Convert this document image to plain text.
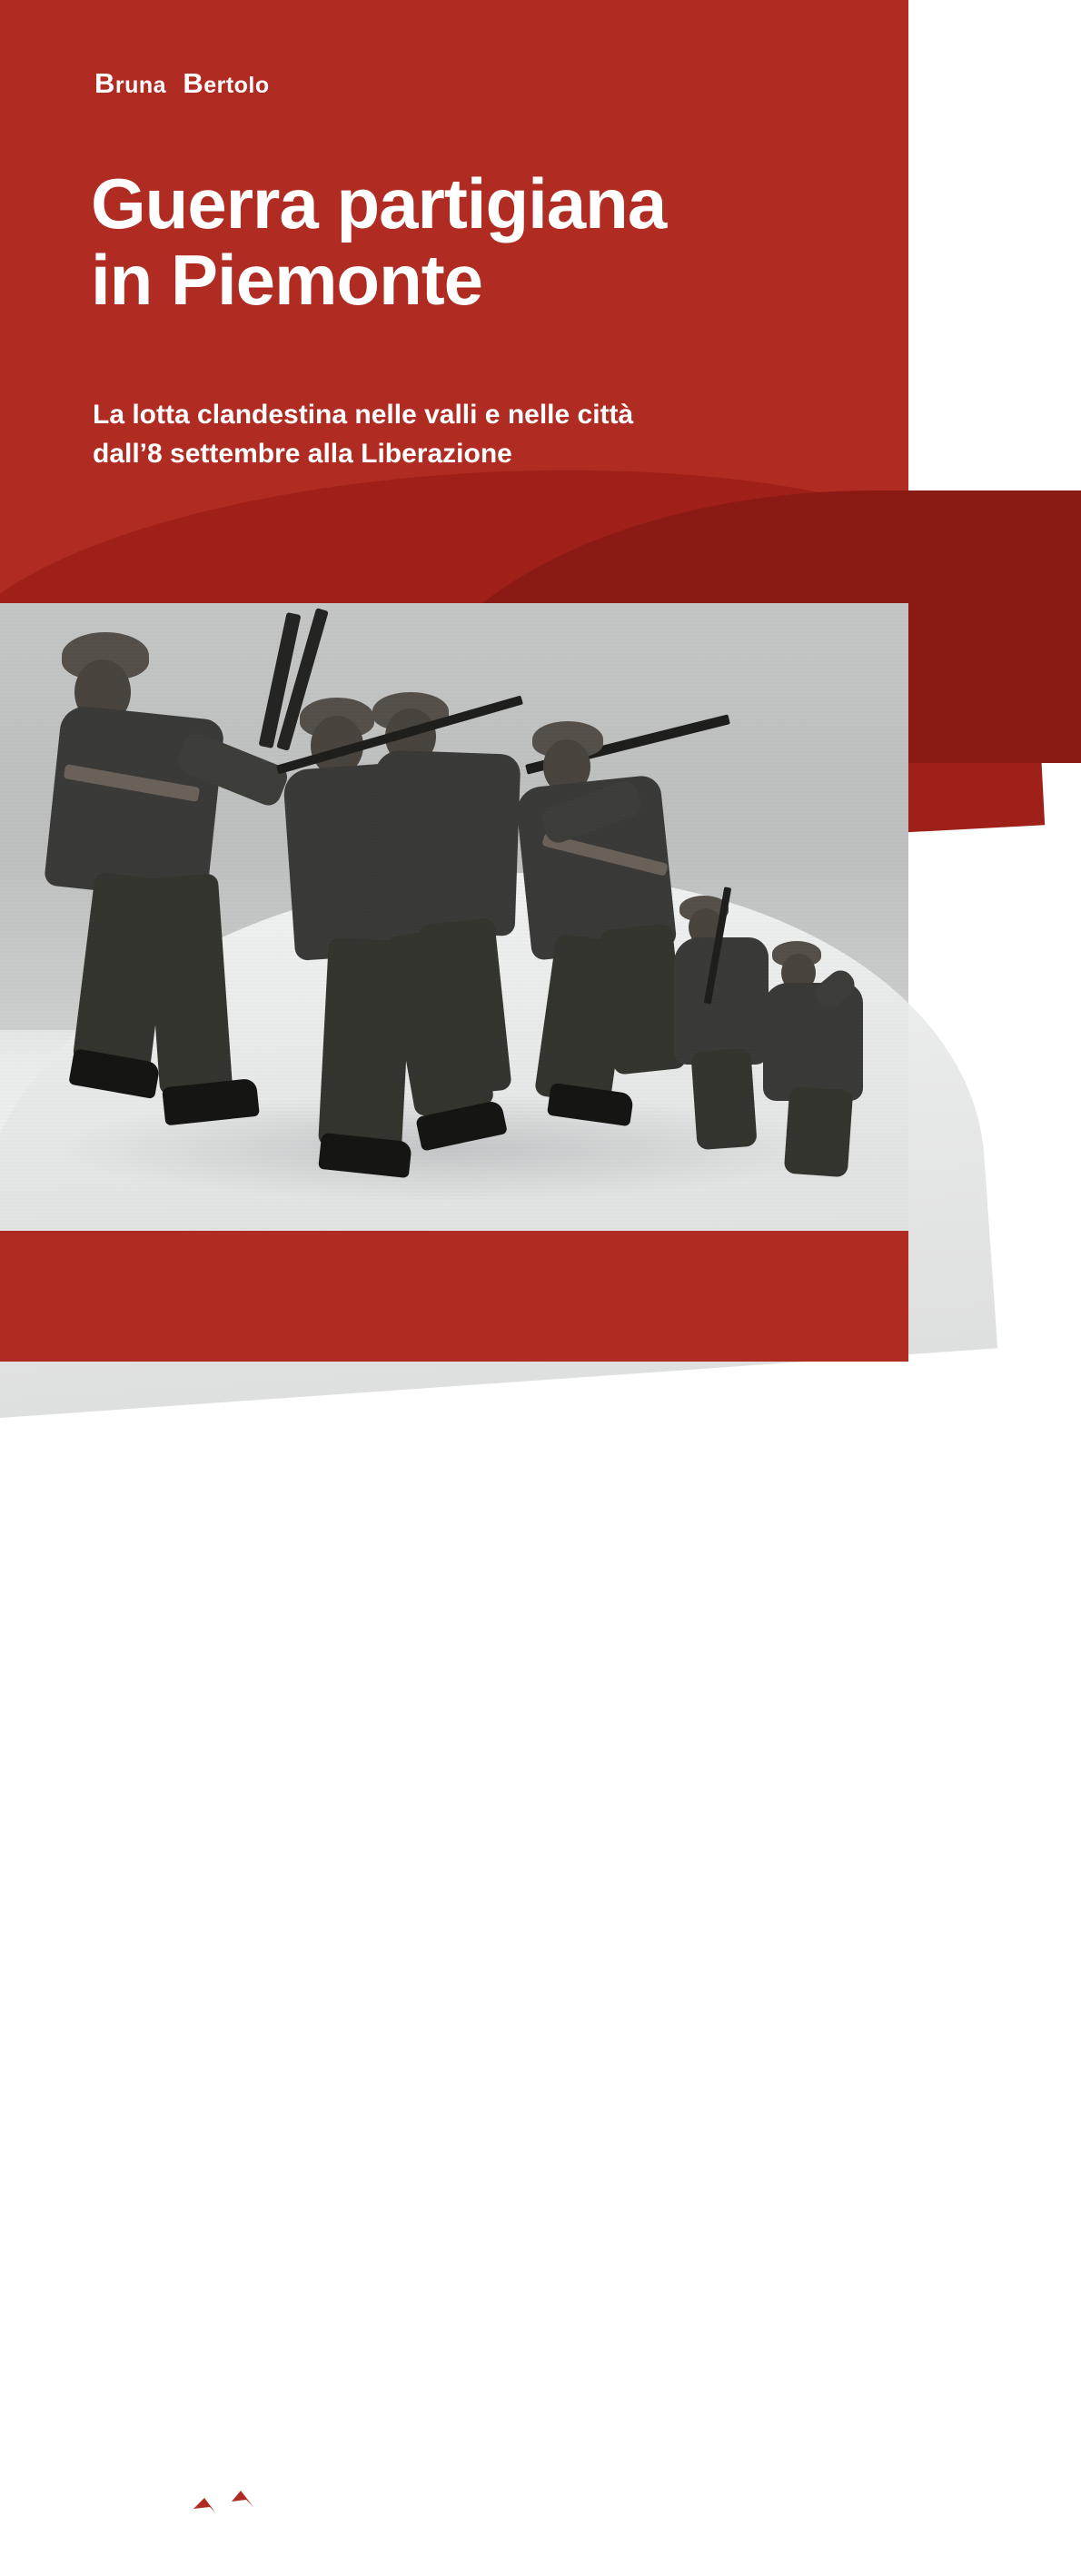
Bruna Bertolo
Guerra partigiana
in Piemonte
La lotta clandestina nelle valli e nelle città
dall’8 settembre alla Liberazione
Storia a Nord Ovest
Susalibri
